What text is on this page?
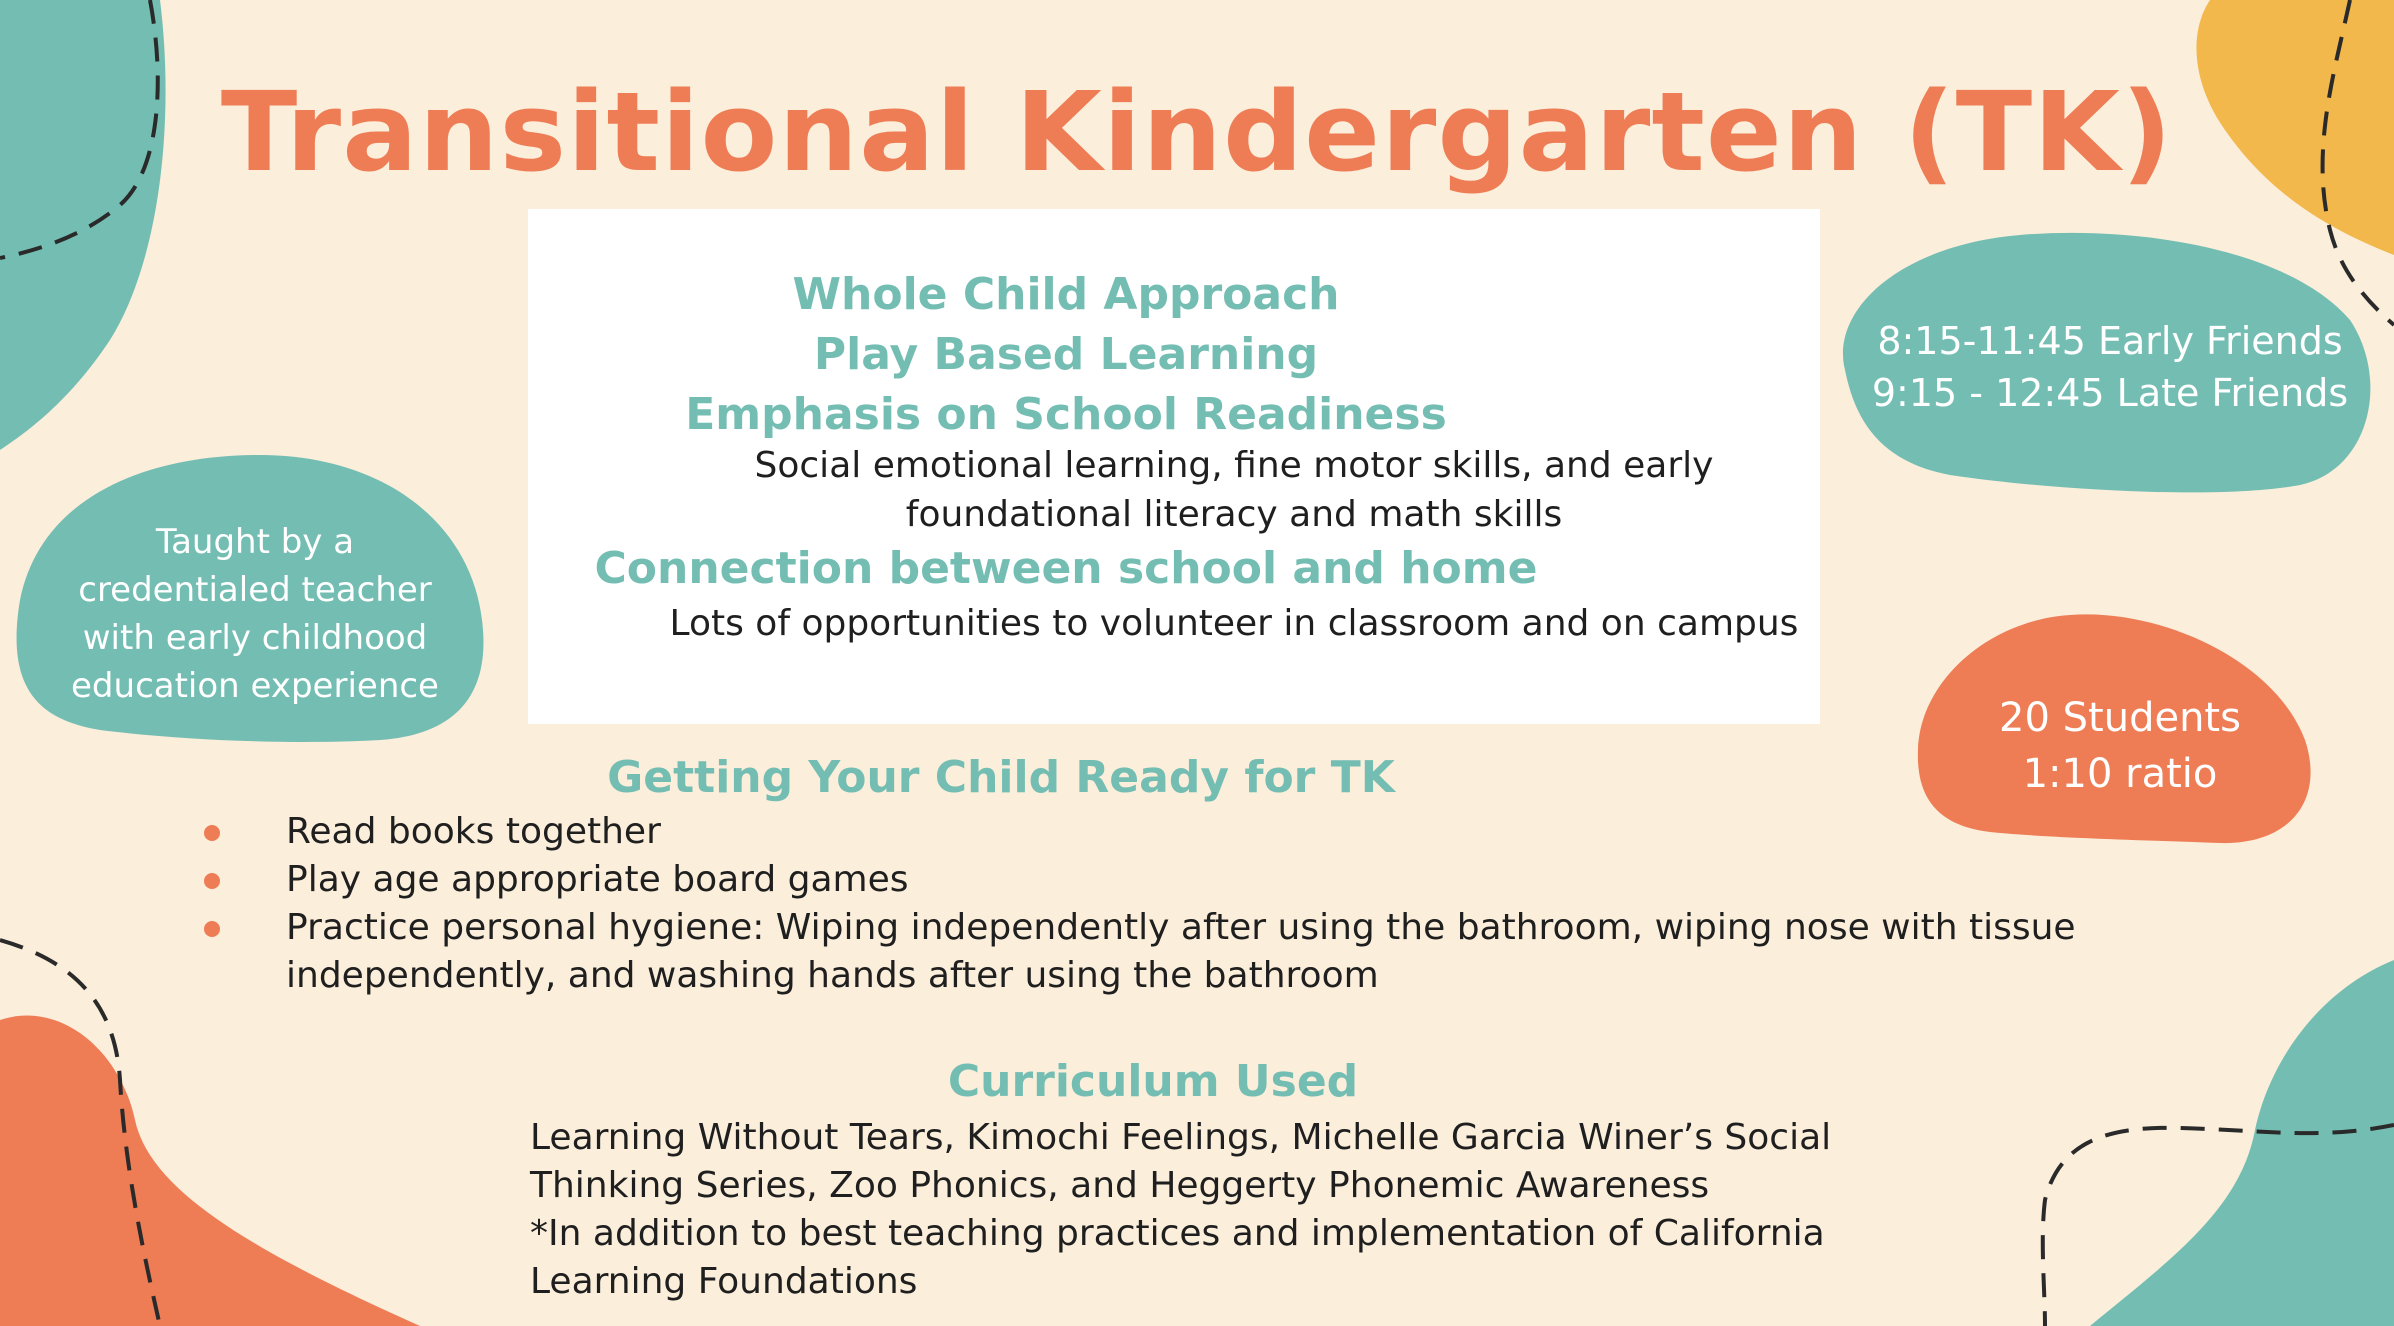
Transitional Kindergarten (TK)
Whole Child Approach
Play Based Learning
Emphasis on School Readiness
Social emotional learning, fine motor skills, and early
foundational literacy and math skills
Connection between school and home
Lots of opportunities to volunteer in classroom and on campus
Taught by a
credentialed teacher
with early childhood
education experience
8:15-11:45 Early Friends
9:15 - 12:45 Late Friends
20 Students
1:10 ratio
Getting Your Child Ready for TK
Read books together
Play age appropriate board games
Practice personal hygiene: Wiping independently after using the bathroom, wiping nose with tissue
independently, and washing hands after using the bathroom
Curriculum Used
Learning Without Tears, Kimochi Feelings, Michelle Garcia Winer’s Social
Thinking Series, Zoo Phonics, and Heggerty Phonemic Awareness
*In addition to best teaching practices and implementation of California
Learning Foundations
